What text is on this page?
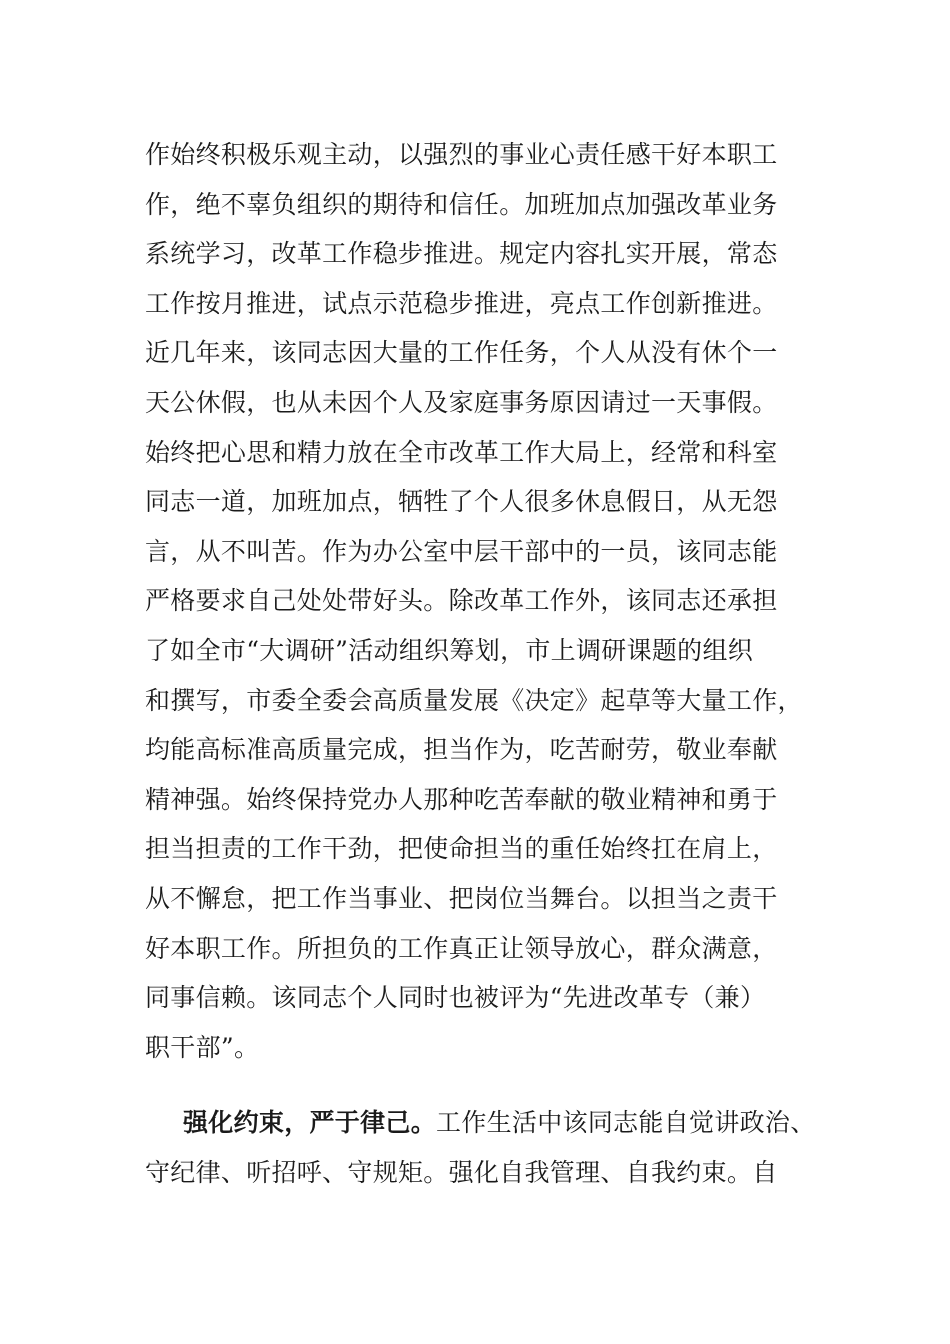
作始终积极乐观主动，以强烈的事业心责任感干好本职工
作，绝不辜负组织的期待和信任。加班加点加强改革业务
系统学习，改革工作稳步推进。规定内容扎实开展，常态
工作按月推进，试点示范稳步推进，亮点工作创新推进。
近几年来，该同志因大量的工作任务，个人从没有休个一
天公休假，也从未因个人及家庭事务原因请过一天事假。
始终把心思和精力放在全市改革工作大局上，经常和科室
同志一道，加班加点，牺牲了个人很多休息假日，从无怨
言，从不叫苦。作为办公室中层干部中的一员，该同志能
严格要求自己处处带好头。除改革工作外，该同志还承担
了如全市“大调研”活动组织筹划，市上调研课题的组织
和撰写，市委全委会高质量发展《决定》起草等大量工作，
均能高标准高质量完成，担当作为，吃苦耐劳，敬业奉献
精神强。始终保持党办人那种吃苦奉献的敬业精神和勇于
担当担责的工作干劲，把使命担当的重任始终扛在肩上，
从不懈怠，把工作当事业、把岗位当舞台。以担当之责干
好本职工作。所担负的工作真正让领导放心，群众满意，
同事信赖。该同志个人同时也被评为“先进改革专（兼）
职干部”。
强化约束，严于律己。工作生活中该同志能自觉讲政治、
守纪律、听招呼、守规矩。强化自我管理、自我约束。自
